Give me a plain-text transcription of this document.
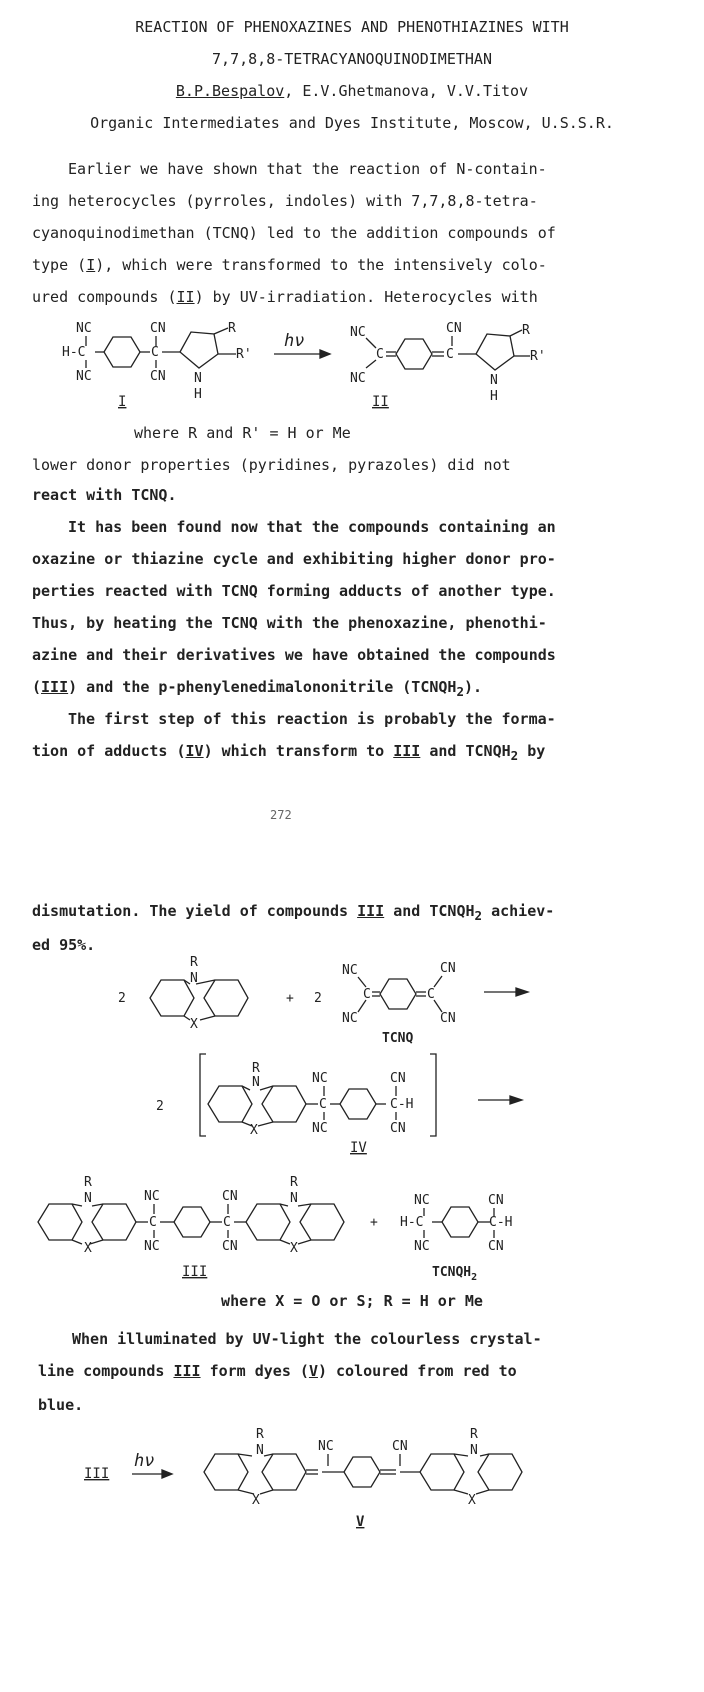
REACTION OF PHENOXAZINES AND PHENOTHIAZINES WITH
7,7,8,8-TETRACYANOQUINODIMETHAN
B.P.Bespalov, E.V.Ghetmanova, V.V.Titov
Organic Intermediates and Dyes Institute, Moscow, U.S.S.R.
Earlier we have shown that the reaction of N-contain-
ing heterocycles (pyrroles, indoles) with 7,7,8,8-tetra-
cyanoquinodimethan (TCNQ) led to the addition compounds of
type (I), which were transformed to the intensively colo-
ured compounds (II) by UV-irradiation. Heterocycles with
NC
H-C
NC
CN
C
CN
R
R'
N
H
I
hν	NC
C
NC
CN
C
R
R'
N
H
II
where R and R' = H or Me
lower donor properties (pyridines, pyrazoles) did not
react with TCNQ.
It has been found now that the compounds containing an
oxazine or thiazine cycle and exhibiting higher donor pro-
perties reacted with TCNQ forming adducts of another type.
Thus, by heating the TCNQ with the phenoxazine, phenothi-
azine and their derivatives we have obtained the compounds
(III) and the p-phenylenedimalononitrile $(TCNQH_2)$.
The first step of this reaction is probably the forma-
tion of adducts (IV) which transform to III and $TCNQH_2$ by
272
dismutation. The yield of compounds III and $TCNQH_2$ achiev-
ed 95%.
2
R
N
X
+ 2
NC
C
NC
C
CN
CN
TCNQ
2
R
N
X
NC
C
NC
CN
C-H
CN
IV
R
N
X
NC
C
NC
CN
C
CN
R
N
X
III
+
NC
H-C
NC
CN
C-H
CN
$TCNQH_2$
where X = O or S; R = H or Me
When illuminated by UV-light the colourless crystal-
line compounds III form dyes (V) coloured from red to
blue.
III
hν
R
N
X
NC	CN
R
N
X
V
